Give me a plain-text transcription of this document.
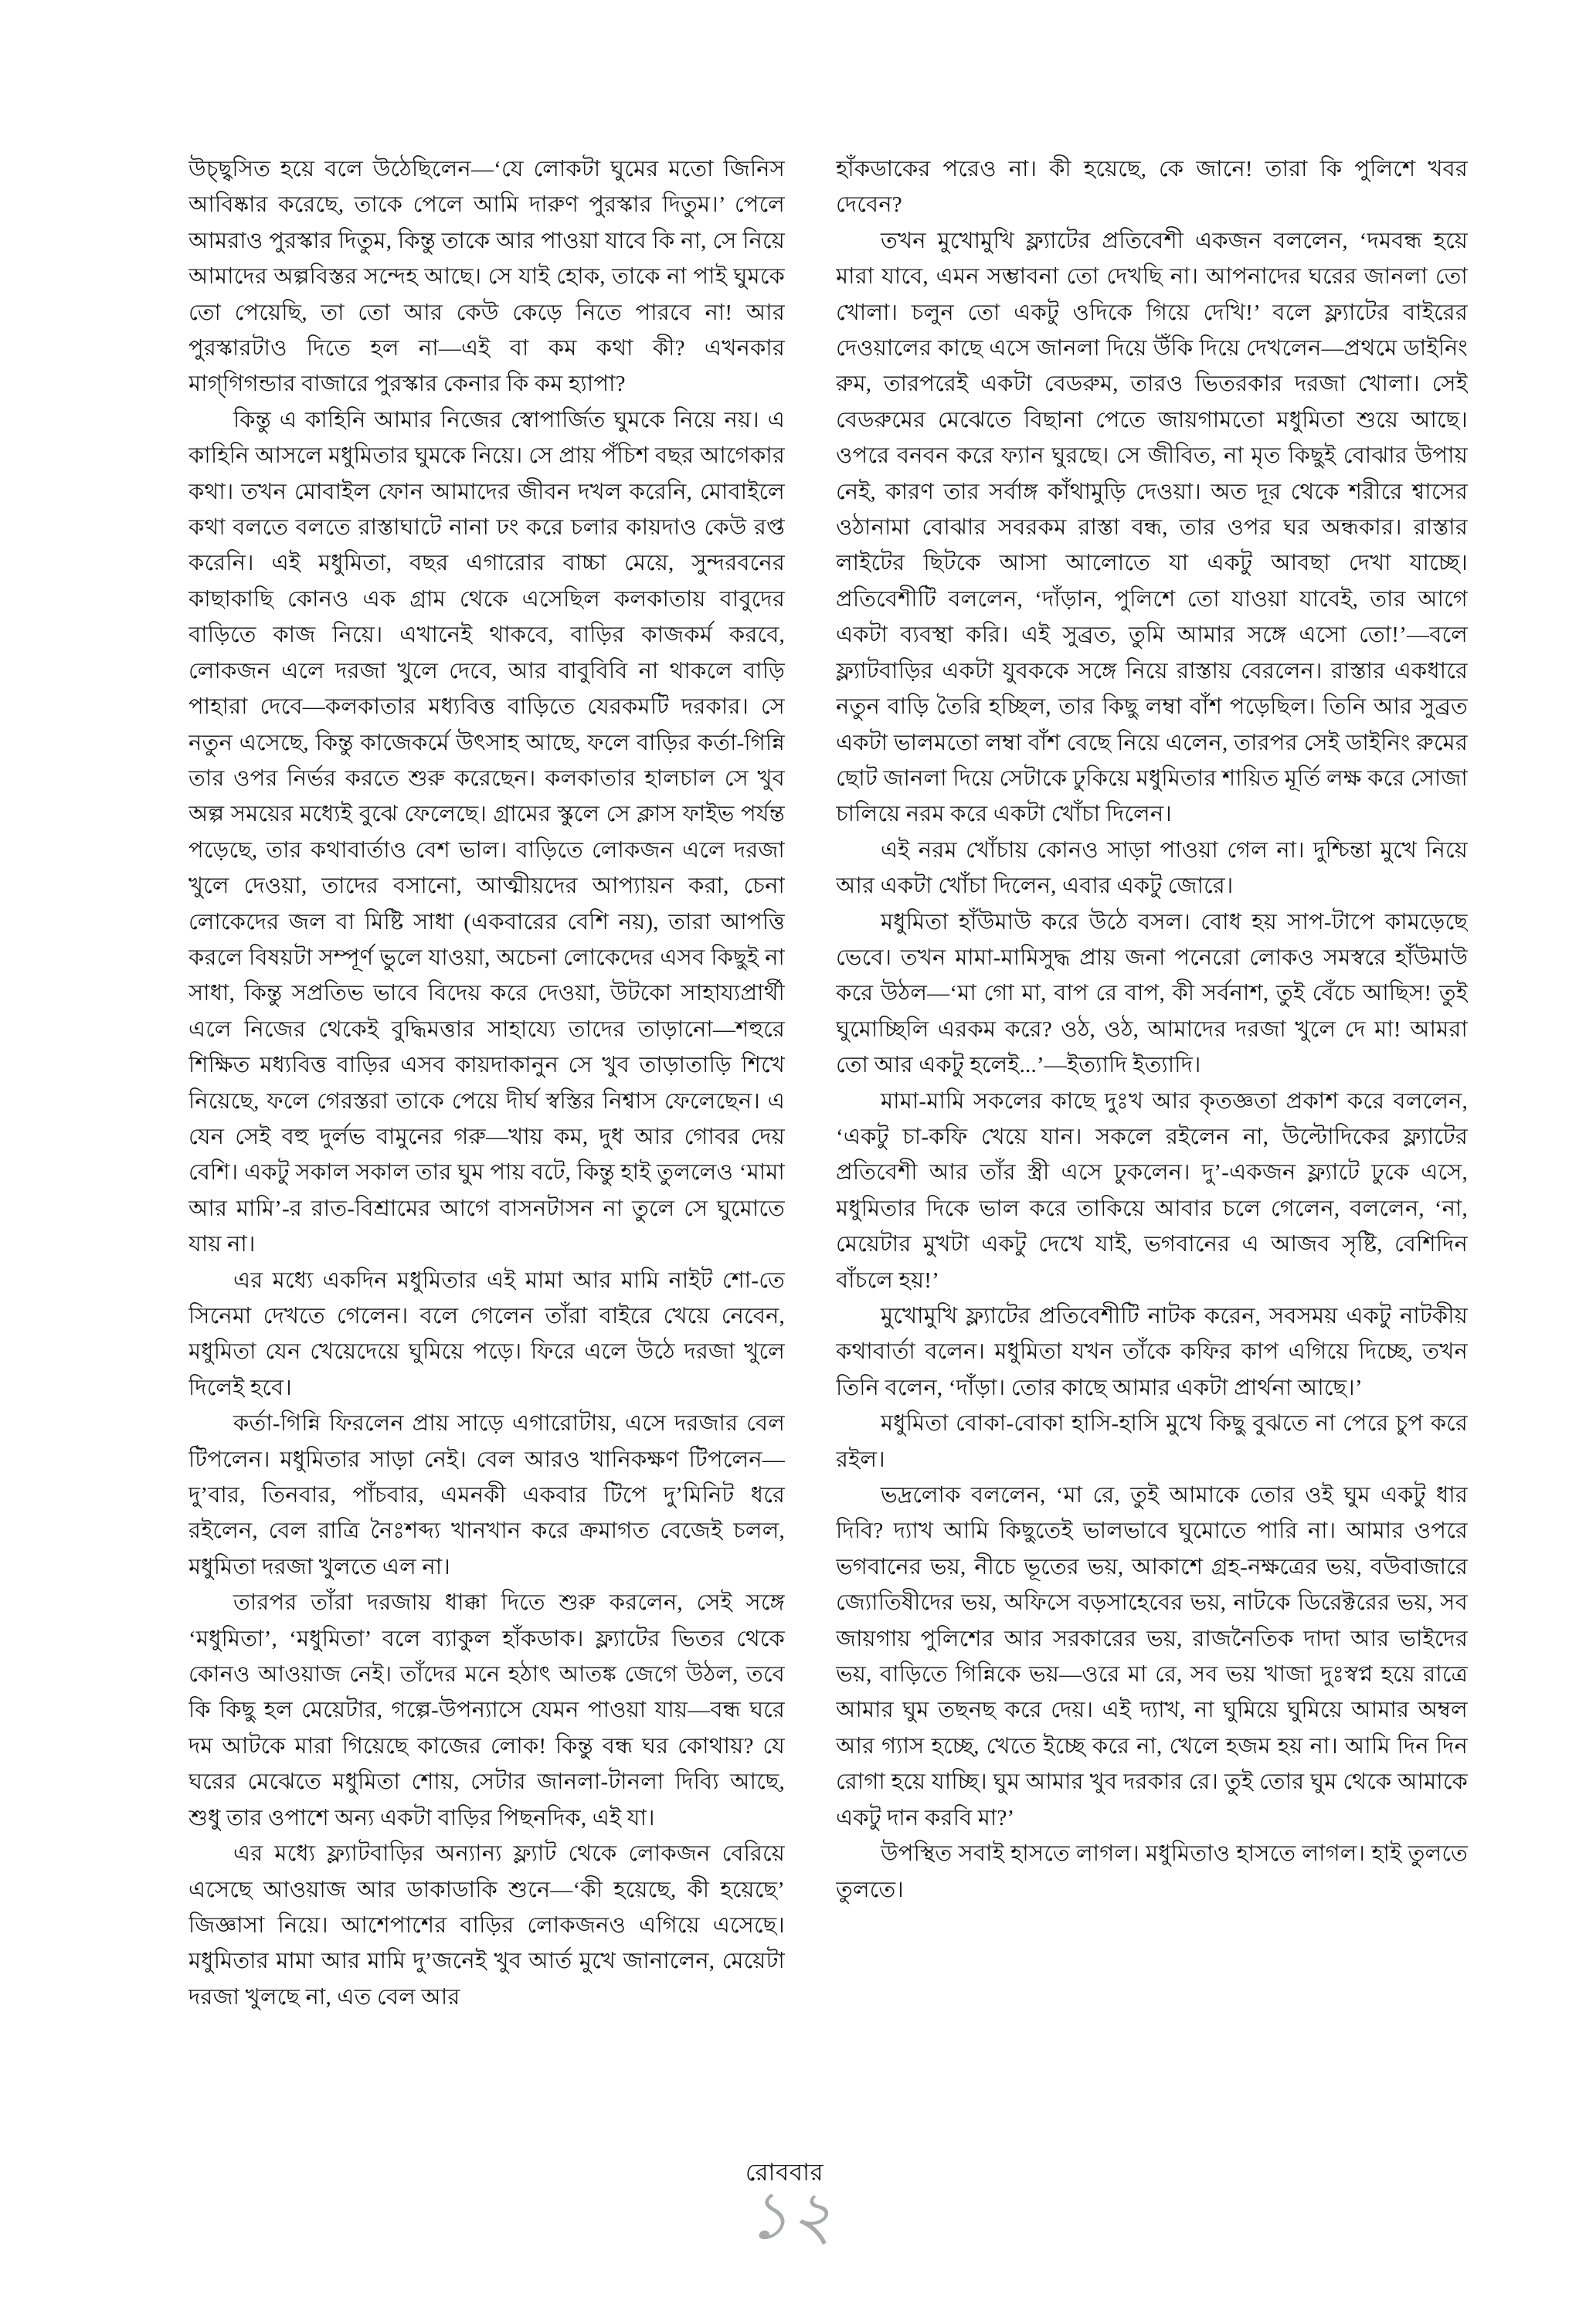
উচ্ছ্বসিত হয়ে বলে উঠেছিলেন—‘যে লোকটা ঘুমের মতো জিনিস আবিষ্কার করেছে, তাকে পেলে আমি দারুণ পুরস্কার দিতুম।’ পেলে আমরাও পুরস্কার দিতুম, কিন্তু তাকে আর পাওয়া যাবে কি না, সে নিয়ে আমাদের অল্পবিস্তর সন্দেহ আছে। সে যাই হোক, তাকে না পাই ঘুমকে তো পেয়েছি, তা তো আর কেউ কেড়ে নিতে পারবে না! আর পুরস্কারটাও দিতে হল না—এই বা কম কথা কী? এখনকার মাগ্‌গিগন্ডার বাজারে পুরস্কার কেনার কি কম হ্যাপা?

কিন্তু এ কাহিনি আমার নিজের স্বোপার্জিত ঘুমকে নিয়ে নয়। এ কাহিনি আসলে মধুমিতার ঘুমকে নিয়ে। সে প্রায় পঁচিশ বছর আগেকার কথা। তখন মোবাইল ফোন আমাদের জীবন দখল করেনি, মোবাইলে কথা বলতে বলতে রাস্তাঘাটে নানা ঢং করে চলার কায়দাও কেউ রপ্ত করেনি। এই মধুমিতা, বছর এগারোর বাচ্চা মেয়ে, সুন্দরবনের কাছাকাছি কোনও এক গ্রাম থেকে এসেছিল কলকাতায় বাবুদের বাড়িতে কাজ নিয়ে। এখানেই থাকবে, বাড়ির কাজকর্ম করবে, লোকজন এলে দরজা খুলে দেবে, আর বাবুবিবি না থাকলে বাড়ি পাহারা দেবে—কলকাতার মধ্যবিত্ত বাড়িতে যেরকমটি দরকার। সে নতুন এসেছে, কিন্তু কাজেকর্মে উৎসাহ আছে, ফলে বাড়ির কর্তা-গিন্নি তার ওপর নির্ভর করতে শুরু করেছেন। কলকাতার হালচাল সে খুব অল্প সময়ের মধ্যেই বুঝে ফেলেছে। গ্রামের স্কুলে সে ক্লাস ফাইভ পর্যন্ত পড়েছে, তার কথাবার্তাও বেশ ভাল। বাড়িতে লোকজন এলে দরজা খুলে দেওয়া, তাদের বসানো, আত্মীয়দের আপ্যায়ন করা, চেনা লোকেদের জল বা মিষ্টি সাধা (একবারের বেশি নয়), তারা আপত্তি করলে বিষয়টা সম্পূর্ণ ভুলে যাওয়া, অচেনা লোকেদের এসব কিছুই না সাধা, কিন্তু সপ্রতিভ ভাবে বিদেয় করে দেওয়া, উটকো সাহায্যপ্রার্থী এলে নিজের থেকেই বুদ্ধিমত্তার সাহায্যে তাদের তাড়ানো—শহুরে শিক্ষিত মধ্যবিত্ত বাড়ির এসব কায়দাকানুন সে খুব তাড়াতাড়ি শিখে নিয়েছে, ফলে গেরস্তরা তাকে পেয়ে দীর্ঘ স্বস্তির নিশ্বাস ফেলেছেন। এ যেন সেই বহু দুর্লভ বামুনের গরু—খায় কম, দুধ আর গোবর দেয় বেশি। একটু সকাল সকাল তার ঘুম পায় বটে, কিন্তু হাই তুললেও ‘মামা আর মামি’-র রাত-বিশ্রামের আগে বাসনটাসন না তুলে সে ঘুমোতে যায় না।

এর মধ্যে একদিন মধুমিতার এই মামা আর মামি নাইট শো-তে সিনেমা দেখতে গেলেন। বলে গেলেন তাঁরা বাইরে খেয়ে নেবেন, মধুমিতা যেন খেয়েদেয়ে ঘুমিয়ে পড়ে। ফিরে এলে উঠে দরজা খুলে দিলেই হবে।

কর্তা-গিন্নি ফিরলেন প্রায় সাড়ে এগারোটায়, এসে দরজার বেল টিপলেন। মধুমিতার সাড়া নেই। বেল আরও খানিকক্ষণ টিপলেন—দু’বার, তিনবার, পাঁচবার, এমনকী একবার টিপে দু’মিনিট ধরে রইলেন, বেল রাত্রি নৈঃশব্দ্য খানখান করে ক্রমাগত বেজেই চলল, মধুমিতা দরজা খুলতে এল না।

তারপর তাঁরা দরজায় ধাক্কা দিতে শুরু করলেন, সেই সঙ্গে ‘মধুমিতা’, ‘মধুমিতা’ বলে ব্যাকুল হাঁকডাক। ফ্ল্যাটের ভিতর থেকে কোনও আওয়াজ নেই। তাঁদের মনে হঠাৎ আতঙ্ক জেগে উঠল, তবে কি কিছু হল মেয়েটার, গল্পে-উপন্যাসে যেমন পাওয়া যায়—বন্ধ ঘরে দম আটকে মারা গিয়েছে কাজের লোক! কিন্তু বন্ধ ঘর কোথায়? যে ঘরের মেঝেতে মধুমিতা শোয়, সেটার জানলা-টানলা দিব্যি আছে, শুধু তার ওপাশে অন্য একটা বাড়ির পিছনদিক, এই যা।

এর মধ্যে ফ্ল্যাটবাড়ির অন্যান্য ফ্ল্যাট থেকে লোকজন বেরিয়ে এসেছে আওয়াজ আর ডাকাডাকি শুনে—‘কী হয়েছে, কী হয়েছে’ জিজ্ঞাসা নিয়ে। আশেপাশের বাড়ির লোকজনও এগিয়ে এসেছে। মধুমিতার মামা আর মামি দু’জনেই খুব আর্ত মুখে জানালেন, মেয়েটা দরজা খুলছে না, এত বেল আর

হাঁকডাকের পরেও না। কী হয়েছে, কে জানে! তারা কি পুলিশে খবর দেবেন?

তখন মুখোমুখি ফ্ল্যাটের প্রতিবেশী একজন বললেন, ‘দমবন্ধ হয়ে মারা যাবে, এমন সম্ভাবনা তো দেখছি না। আপনাদের ঘরের জানলা তো খোলা। চলুন তো একটু ওদিকে গিয়ে দেখি!’ বলে ফ্ল্যাটের বাইরের দেওয়ালের কাছে এসে জানলা দিয়ে উঁকি দিয়ে দেখলেন—প্রথমে ডাইনিং রুম, তারপরেই একটা বেডরুম, তারও ভিতরকার দরজা খোলা। সেই বেডরুমের মেঝেতে বিছানা পেতে জায়গামতো মধুমিতা শুয়ে আছে। ওপরে বনবন করে ফ্যান ঘুরছে। সে জীবিত, না মৃত কিছুই বোঝার উপায় নেই, কারণ তার সর্বাঙ্গ কাঁথামুড়ি দেওয়া। অত দূর থেকে শরীরে শ্বাসের ওঠানামা বোঝার সবরকম রাস্তা বন্ধ, তার ওপর ঘর অন্ধকার। রাস্তার লাইটের ছিটকে আসা আলোতে যা একটু আবছা দেখা যাচ্ছে। প্রতিবেশীটি বললেন, ‘দাঁড়ান, পুলিশে তো যাওয়া যাবেই, তার আগে একটা ব্যবস্থা করি। এই সুব্রত, তুমি আমার সঙ্গে এসো তো!’—বলে ফ্ল্যাটবাড়ির একটা যুবককে সঙ্গে নিয়ে রাস্তায় বেরলেন। রাস্তার একধারে নতুন বাড়ি তৈরি হচ্ছিল, তার কিছু লম্বা বাঁশ পড়েছিল। তিনি আর সুব্রত একটা ভালমতো লম্বা বাঁশ বেছে নিয়ে এলেন, তারপর সেই ডাইনিং রুমের ছোট জানলা দিয়ে সেটাকে ঢুকিয়ে মধুমিতার শায়িত মূর্তি লক্ষ করে সোজা চালিয়ে নরম করে একটা খোঁচা দিলেন।

এই নরম খোঁচায় কোনও সাড়া পাওয়া গেল না। দুশ্চিন্তা মুখে নিয়ে আর একটা খোঁচা দিলেন, এবার একটু জোরে।

মধুমিতা হাঁউমাউ করে উঠে বসল। বোধ হয় সাপ-টাপে কামড়েছে ভেবে। তখন মামা-মামিসুদ্ধ প্রায় জনা পনেরো লোকও সমস্বরে হাঁউমাউ করে উঠল—‘মা গো মা, বাপ রে বাপ, কী সর্বনাশ, তুই বেঁচে আছিস! তুই ঘুমোচ্ছিলি এরকম করে? ওঠ, ওঠ, আমাদের দরজা খুলে দে মা! আমরা তো আর একটু হলেই...’—ইত্যাদি ইত্যাদি।

মামা-মামি সকলের কাছে দুঃখ আর কৃতজ্ঞতা প্রকাশ করে বললেন, ‘একটু চা-কফি খেয়ে যান। সকলে রইলেন না, উল্টোদিকের ফ্ল্যাটের প্রতিবেশী আর তাঁর স্ত্রী এসে ঢুকলেন। দু’-একজন ফ্ল্যাটে ঢুকে এসে, মধুমিতার দিকে ভাল করে তাকিয়ে আবার চলে গেলেন, বললেন, ‘না, মেয়েটার মুখটা একটু দেখে যাই, ভগবানের এ আজব সৃষ্টি, বেশিদিন বাঁচলে হয়!’

মুখোমুখি ফ্ল্যাটের প্রতিবেশীটি নাটক করেন, সবসময় একটু নাটকীয় কথাবার্তা বলেন। মধুমিতা যখন তাঁকে কফির কাপ এগিয়ে দিচ্ছে, তখন তিনি বলেন, ‘দাঁড়া। তোর কাছে আমার একটা প্রার্থনা আছে।’

মধুমিতা বোকা-বোকা হাসি-হাসি মুখে কিছু বুঝতে না পেরে চুপ করে রইল।

ভদ্রলোক বললেন, ‘মা রে, তুই আমাকে তোর ওই ঘুম একটু ধার দিবি? দ্যাখ আমি কিছুতেই ভালভাবে ঘুমোতে পারি না। আমার ওপরে ভগবানের ভয়, নীচে ভূতের ভয়, আকাশে গ্রহ-নক্ষত্রের ভয়, বউবাজারে জ্যোতিষীদের ভয়, অফিসে বড়সাহেবের ভয়, নাটকে ডিরেক্টরের ভয়, সব জায়গায় পুলিশের আর সরকারের ভয়, রাজনৈতিক দাদা আর ভাইদের ভয়, বাড়িতে গিন্নিকে ভয়—ওরে মা রে, সব ভয় খাজা দুঃস্বপ্ন হয়ে রাত্রে আমার ঘুম তছনছ করে দেয়। এই দ্যাখ, না ঘুমিয়ে ঘুমিয়ে আমার অম্বল আর গ্যাস হচ্ছে, খেতে ইচ্ছে করে না, খেলে হজম হয় না। আমি দিন দিন রোগা হয়ে যাচ্ছি। ঘুম আমার খুব দরকার রে। তুই তোর ঘুম থেকে আমাকে একটু দান করবি মা?’

উপস্থিত সবাই হাসতে লাগল। মধুমিতাও হাসতে লাগল। হাই তুলতে তুলতে।

রোববার
১২
